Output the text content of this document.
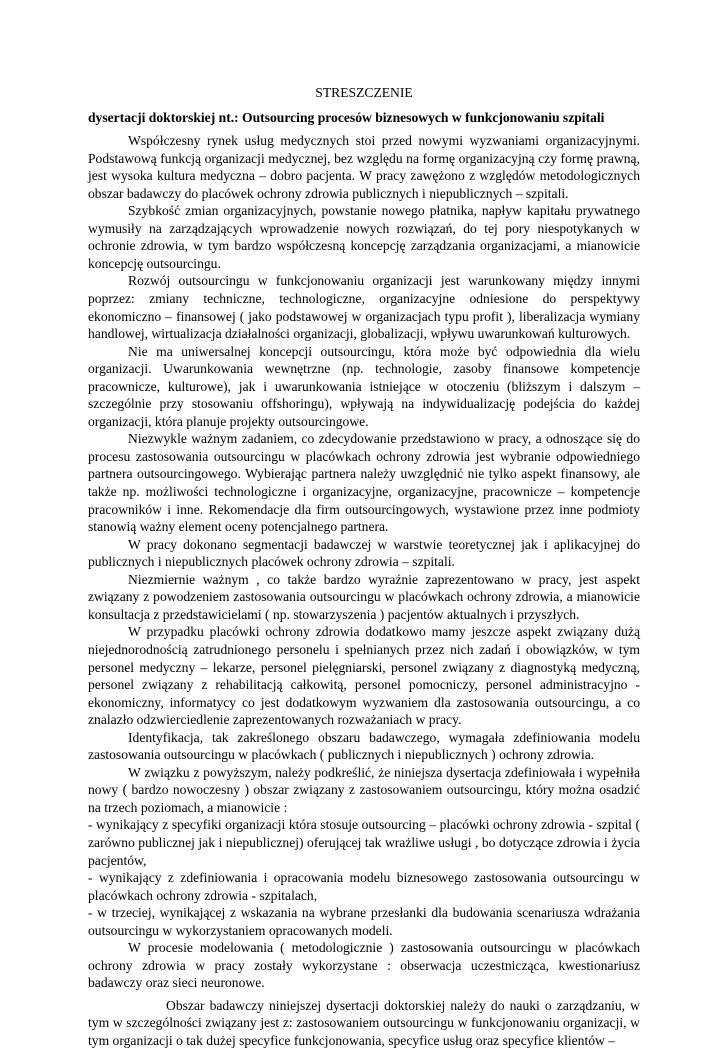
STRESZCZENIE
dysertacji doktorskiej nt.: Outsourcing procesów biznesowych w funkcjonowaniu szpitali

Współczesny rynek usług medycznych stoi przed nowymi wyzwaniami organizacyjnymi. Podstawową funkcją organizacji medycznej, bez względu na formę organizacyjną czy formę prawną, jest wysoka kultura medyczna – dobro pacjenta. W pracy zawężono z względów metodologicznych obszar badawczy do placówek ochrony zdrowia publicznych i niepublicznych – szpitali.

Szybkość zmian organizacyjnych, powstanie nowego płatnika, napływ kapitału prywatnego wymusiły na zarządzających wprowadzenie nowych rozwiązań, do tej pory niespotykanych w ochronie zdrowia, w tym bardzo współczesną koncepcję zarządzania organizacjami, a mianowicie koncepcję outsourcingu.

Rozwój outsourcingu w funkcjonowaniu organizacji jest warunkowany między innymi poprzez: zmiany techniczne, technologiczne, organizacyjne odniesione do perspektywy ekonomiczno – finansowej ( jako podstawowej w organizacjach typu profit ), liberalizacja wymiany handlowej, wirtualizacja działalności organizacji, globalizacji, wpływu uwarunkowań kulturowych.

Nie ma uniwersalnej koncepcji outsourcingu, która może być odpowiednia dla wielu organizacji. Uwarunkowania wewnętrzne (np. technologie, zasoby finansowe kompetencje pracownicze, kulturowe), jak i uwarunkowania istniejące w otoczeniu (bliższym i dalszym – szczególnie przy stosowaniu offshoringu), wpływają na indywidualizację podejścia do każdej organizacji, która planuje projekty outsourcingowe.

Niezwykle ważnym zadaniem, co zdecydowanie przedstawiono w pracy, a odnoszące się do procesu zastosowania outsourcingu w placówkach ochrony zdrowia jest wybranie odpowiedniego partnera outsourcingowego. Wybierając partnera należy uwzględnić nie tylko aspekt finansowy, ale także np. możliwości technologiczne i organizacyjne, organizacyjne, pracownicze – kompetencje pracowników i inne. Rekomendacje dla firm outsourcingowych, wystawione przez inne podmioty stanowią ważny element oceny potencjalnego partnera.

W pracy dokonano segmentacji badawczej w warstwie teoretycznej jak i aplikacyjnej do publicznych i niepublicznych placówek ochrony zdrowia – szpitali.

Niezmiernie ważnym , co także bardzo wyraźnie zaprezentowano w pracy, jest aspekt związany z powodzeniem zastosowania outsourcingu w placówkach ochrony zdrowia, a mianowicie konsultacja z przedstawicielami ( np. stowarzyszenia ) pacjentów aktualnych i przyszłych.

W przypadku placówki ochrony zdrowia dodatkowo mamy jeszcze aspekt związany dużą niejednorodnością zatrudnionego personelu i spełnianych przez nich zadań i obowiązków, w tym personel medyczny – lekarze, personel pielęgniarski, personel związany z diagnostyką medyczną, personel związany z rehabilitacją całkowitą, personel pomocniczy, personel administracyjno - ekonomiczny, informatycy co jest dodatkowym wyzwaniem dla zastosowania outsourcingu, a co znalazło odzwierciedlenie zaprezentowanych rozważaniach w pracy.

Identyfikacja, tak zakreślonego obszaru badawczego, wymagała zdefiniowania modelu zastosowania outsourcingu w placówkach ( publicznych i niepublicznych ) ochrony zdrowia.

W związku z powyższym, należy podkreślić, że niniejsza dysertacja zdefiniowała i wypełniła nowy ( bardzo nowoczesny ) obszar związany z zastosowaniem outsourcingu, który można osadzić na trzech poziomach, a mianowicie :

- wynikający z specyfiki organizacji która stosuje outsourcing – placówki ochrony zdrowia - szpital ( zarówno publicznej jak i niepublicznej) oferującej tak wrażliwe usługi , bo dotyczące zdrowia i życia pacjentów,

- wynikający z zdefiniowania i opracowania modelu biznesowego zastosowania outsourcingu w placówkach ochrony zdrowia - szpitalach,

- w trzeciej, wynikającej z wskazania na wybrane przesłanki dla budowania scenariusza wdrażania outsourcingu w wykorzystaniem opracowanych modeli.

W procesie modelowania ( metodologicznie ) zastosowania outsourcingu w placówkach ochrony zdrowia w pracy zostały wykorzystane : obserwacja uczestnicząca, kwestionariusz badawczy oraz sieci neuronowe.

Obszar badawczy niniejszej dysertacji doktorskiej należy do nauki o zarządzaniu, w tym w szczególności związany jest z: zastosowaniem outsourcingu w funkcjonowaniu organizacji, w tym organizacji o tak dużej specyfice funkcjonowania, specyfice usług oraz specyfice klientów –
